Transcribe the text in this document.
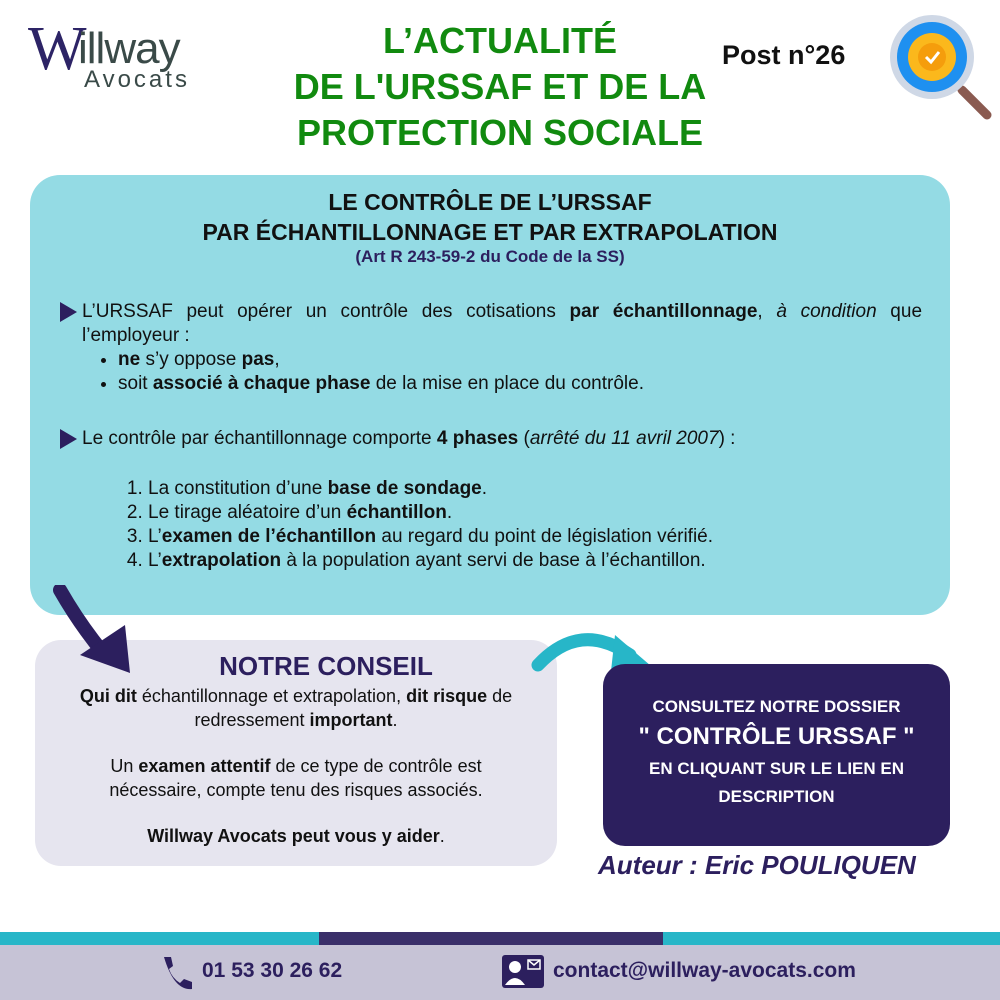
W
illway
Avocats
L’ACTUALITÉ
DE L'URSSAF ET DE LA
PROTECTION SOCIALE
Post n°26
LE CONTRÔLE DE L’URSSAF
PAR ÉCHANTILLONNAGE ET PAR EXTRAPOLATION
(Art R 243-59-2 du Code de la SS)
L’URSSAF peut opérer un contrôle des cotisations par échantillonnage, à condition que l’employeur :
• ne s’y oppose pas,
• soit associé à chaque phase de la mise en place du contrôle.
Le contrôle par échantillonnage comporte 4 phases (arrêté du 11 avril 2007) :
1. La constitution d’une base de sondage.
2. Le tirage aléatoire d’un échantillon.
3. L’examen de l’échantillon au regard du point de législation vérifié.
4. L’extrapolation à la population ayant servi de base à l’échantillon.
NOTRE CONSEIL

Qui dit échantillonnage et extrapolation, dit risque de redressement important.

Un examen attentif de ce type de contrôle est nécessaire, compte tenu des risques associés.

Willway Avocats peut vous y aider.

CONSULTEZ NOTRE DOSSIER
" CONTRÔLE URSSAF "
EN CLIQUANT SUR LE LIEN EN
DESCRIPTION
Auteur : Eric POULIQUEN
01 53 30 26 62	contact@willway-avocats.com
